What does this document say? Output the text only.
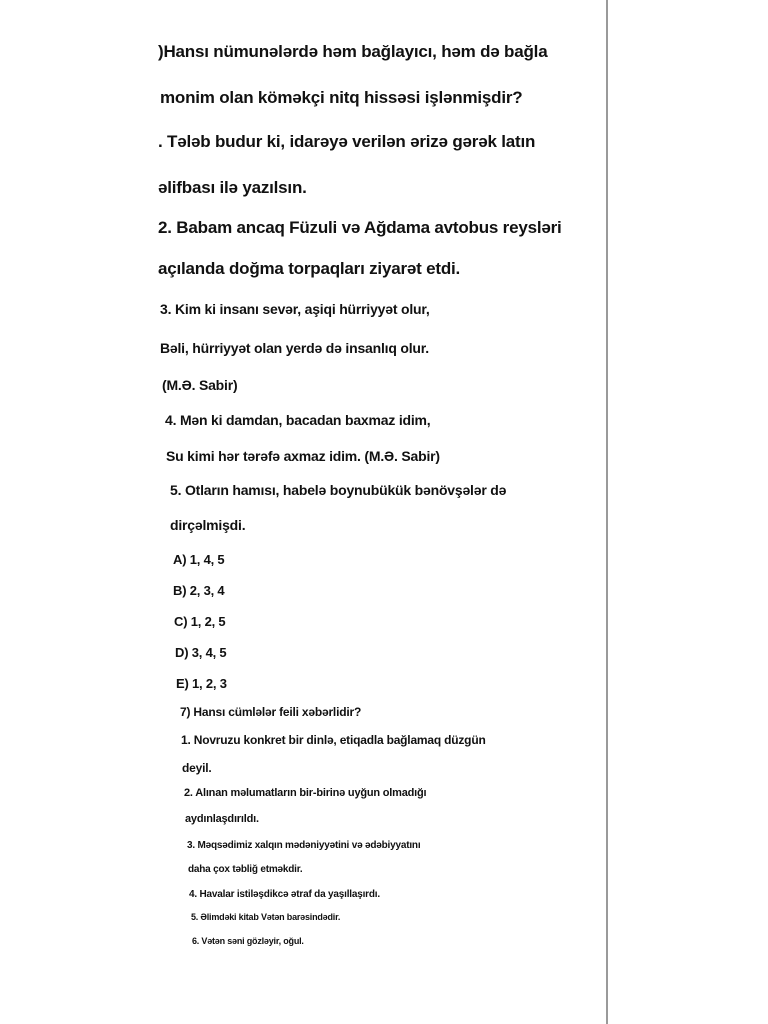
)Hansı nümunələrdə həm bağlayıcı, həm də bağla
monim olan köməkçi nitq hissəsi işlənmişdir?
. Tələb budur ki, idarəyə verilən ərizə gərək latın
əlifbası ilə yazılsın.
2. Babam ancaq Füzuli və Ağdama avtobus reysləri
açılanda doğma torpaqları ziyarət etdi.
3. Kim ki insanı sevər, aşiqi hürriyyət olur,
Bəli, hürriyyət olan yerdə də insanlıq olur.
(M.Ə. Sabir)
4. Mən ki damdan, bacadan baxmaz idim,
Su kimi hər tərəfə axmaz idim. (M.Ə. Sabir)
5. Otların hamısı, habelə boynubükük bənövşələr də
dirçəlmişdi.
A) 1, 4, 5
B) 2, 3, 4
C) 1, 2, 5
D) 3, 4, 5
E) 1, 2, 3
7) Hansı cümlələr feili xəbərlidir?
1. Novruzu konkret bir dinlə, etiqadla bağlamaq düzgün
deyil.
2. Alınan məlumatların bir-birinə uyğun olmadığı
aydınlaşdırıldı.
3. Məqsədimiz xalqın mədəniyyətini və ədəbiyyatını
daha çox təbliğ etməkdir.
4. Havalar istiləşdikcə ətraf da yaşıllaşırdı.
5. Əlimdəki kitab Vətən barəsindədir.
6. Vətən səni gözləyir, oğul.
